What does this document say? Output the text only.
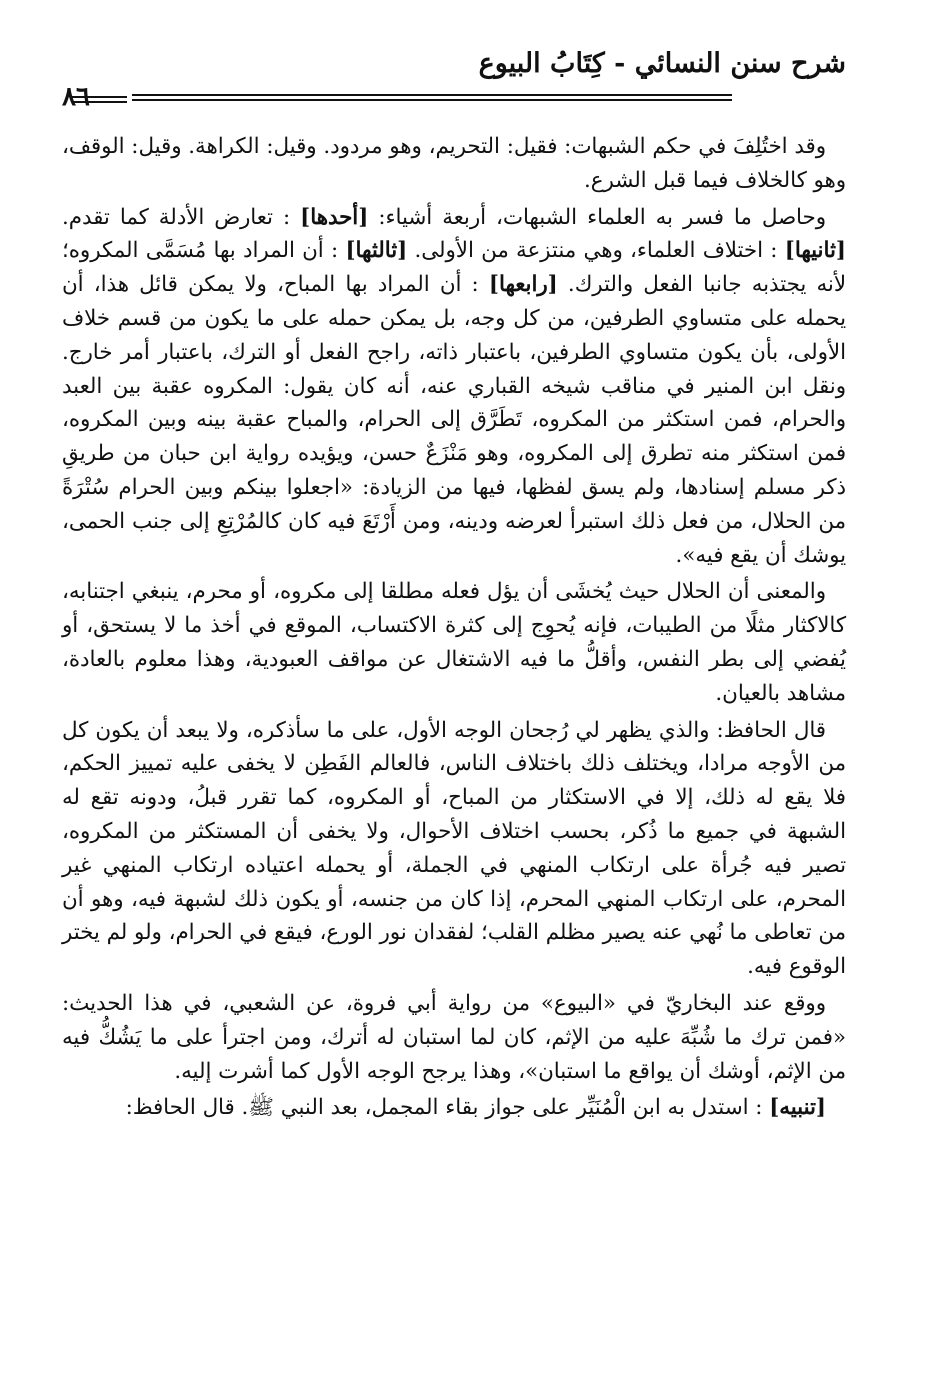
شرح سنن النسائي - كِتَابُ البيوع
٨٦

وقد اختُلِفَ في حكم الشبهات: فقيل: التحريم، وهو مردود. وقيل: الكراهة. وقيل: الوقف، وهو كالخلاف فيما قبل الشرع.

وحاصل ما فسر به العلماء الشبهات، أربعة أشياء: [أحدها] : تعارض الأدلة كما تقدم. [ثانيها] : اختلاف العلماء، وهي منتزعة من الأولى. [ثالثها] : أن المراد بها مُسَمَّى المكروه؛ لأنه يجتذبه جانبا الفعل والترك. [رابعها] : أن المراد بها المباح، ولا يمكن قائل هذا، أن يحمله على متساوي الطرفين، من كل وجه، بل يمكن حمله على ما يكون من قسم خلاف الأولى، بأن يكون متساوي الطرفين، باعتبار ذاته، راجح الفعل أو الترك، باعتبار أمر خارج. ونقل ابن المنير في مناقب شيخه القباري عنه، أنه كان يقول: المكروه عقبة بين العبد والحرام، فمن استكثر من المكروه، تَطَرَّق إلى الحرام، والمباح عقبة بينه وبين المكروه، فمن استكثر منه تطرق إلى المكروه، وهو مَنْزَعٌ حسن، ويؤيده رواية ابن حبان من طريقِ ذكر مسلم إسنادها، ولم يسق لفظها، فيها من الزيادة: «اجعلوا بينكم وبين الحرام سُتْرَةً من الحلال، من فعل ذلك استبرأ لعرضه ودينه، ومن أَرْتَعَ فيه كان كالمُرْتِعِ إلى جنب الحمى، يوشك أن يقع فيه».

والمعنى أن الحلال حيث يُخشَى أن يؤل فعله مطلقا إلى مكروه، أو محرم، ينبغي اجتنابه، كالاكثار مثلًا من الطيبات، فإنه يُحوِج إلى كثرة الاكتساب، الموقع في أخذ ما لا يستحق، أو يُفضي إلى بطر النفس، وأقلُّ ما فيه الاشتغال عن مواقف العبودية، وهذا معلوم بالعادة، مشاهد بالعيان.

قال الحافظ: والذي يظهر لي رُجحان الوجه الأول، على ما سأذكره، ولا يبعد أن يكون كل من الأوجه مرادا، ويختلف ذلك باختلاف الناس، فالعالم الفَطِن لا يخفى عليه تمييز الحكم، فلا يقع له ذلك، إلا في الاستكثار من المباح، أو المكروه، كما تقرر قبلُ، ودونه تقع له الشبهة في جميع ما ذُكر، بحسب اختلاف الأحوال، ولا يخفى أن المستكثر من المكروه، تصير فيه جُرأة على ارتكاب المنهي في الجملة، أو يحمله اعتياده ارتكاب المنهي غير المحرم، على ارتكاب المنهي المحرم، إذا كان من جنسه، أو يكون ذلك لشبهة فيه، وهو أن من تعاطى ما نُهي عنه يصير مظلم القلب؛ لفقدان نور الورع، فيقع في الحرام، ولو لم يختر الوقوع فيه.

ووقع عند البخاريّ في «البيوع» من رواية أبي فروة، عن الشعبي، في هذا الحديث: «فمن ترك ما شُبِّهَ عليه من الإثم، كان لما استبان له أترك، ومن اجترأ على ما يَشُكُّ فيه من الإثم، أوشك أن يواقع ما استبان»، وهذا يرجح الوجه الأول كما أشرت إليه.

[تنبيه] : استدل به ابن الْمُنَيِّر على جواز بقاء المجمل، بعد النبي ﷺ. قال الحافظ:
